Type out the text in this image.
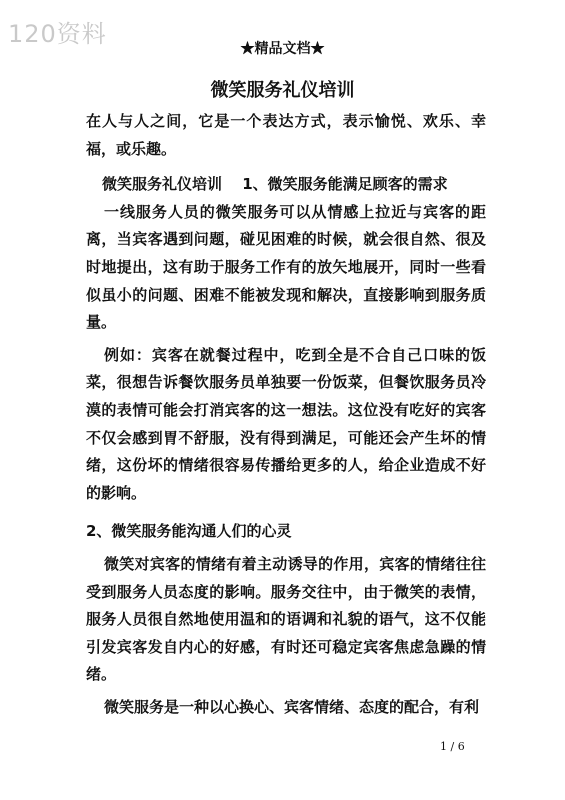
120资料
★精品文档★
微笑服务礼仪培训

在人与人之间，它是一个表达方式，表示愉悦、欢乐、幸福，或乐趣。

微笑服务礼仪培训　 1、微笑服务能满足顾客的需求

一线服务人员的微笑服务可以从情感上拉近与宾客的距离，当宾客遇到问题，碰见困难的时候，就会很自然、很及时地提出，这有助于服务工作有的放矢地展开，同时一些看似虽小的问题、困难不能被发现和解决，直接影响到服务质量。

例如：宾客在就餐过程中，吃到全是不合自己口味的饭菜，很想告诉餐饮服务员单独要一份饭菜，但餐饮服务员冷漠的表情可能会打消宾客的这一想法。这位没有吃好的宾客不仅会感到胃不舒服，没有得到满足，可能还会产生坏的情绪，这份坏的情绪很容易传播给更多的人，给企业造成不好的影响。

2、微笑服务能沟通人们的心灵

微笑对宾客的情绪有着主动诱导的作用，宾客的情绪往往受到服务人员态度的影响。服务交往中，由于微笑的表情，服务人员很自然地使用温和的语调和礼貌的语气，这不仅能引发宾客发自内心的好感，有时还可稳定宾客焦虑急躁的情绪。

微笑服务是一种以心换心、宾客情绪、态度的配合，有利

1 / 6
